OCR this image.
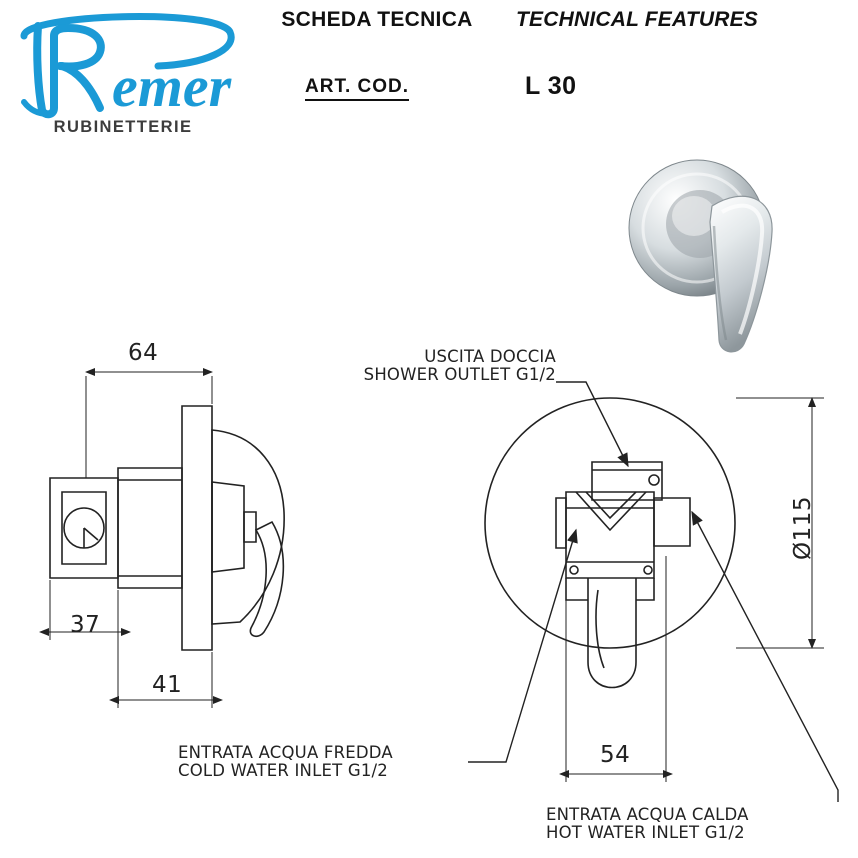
emer
RUBINETTERIE
SCHEDA TECNICA	TECHNICAL FEATURES
ART. COD.	L 30
64
37
41
Ø115
54
USCITA DOCCIA
SHOWER OUTLET G1/2
ENTRATA ACQUA FREDDA
COLD WATER INLET G1/2
ENTRATA ACQUA CALDA
HOT WATER INLET G1/2
